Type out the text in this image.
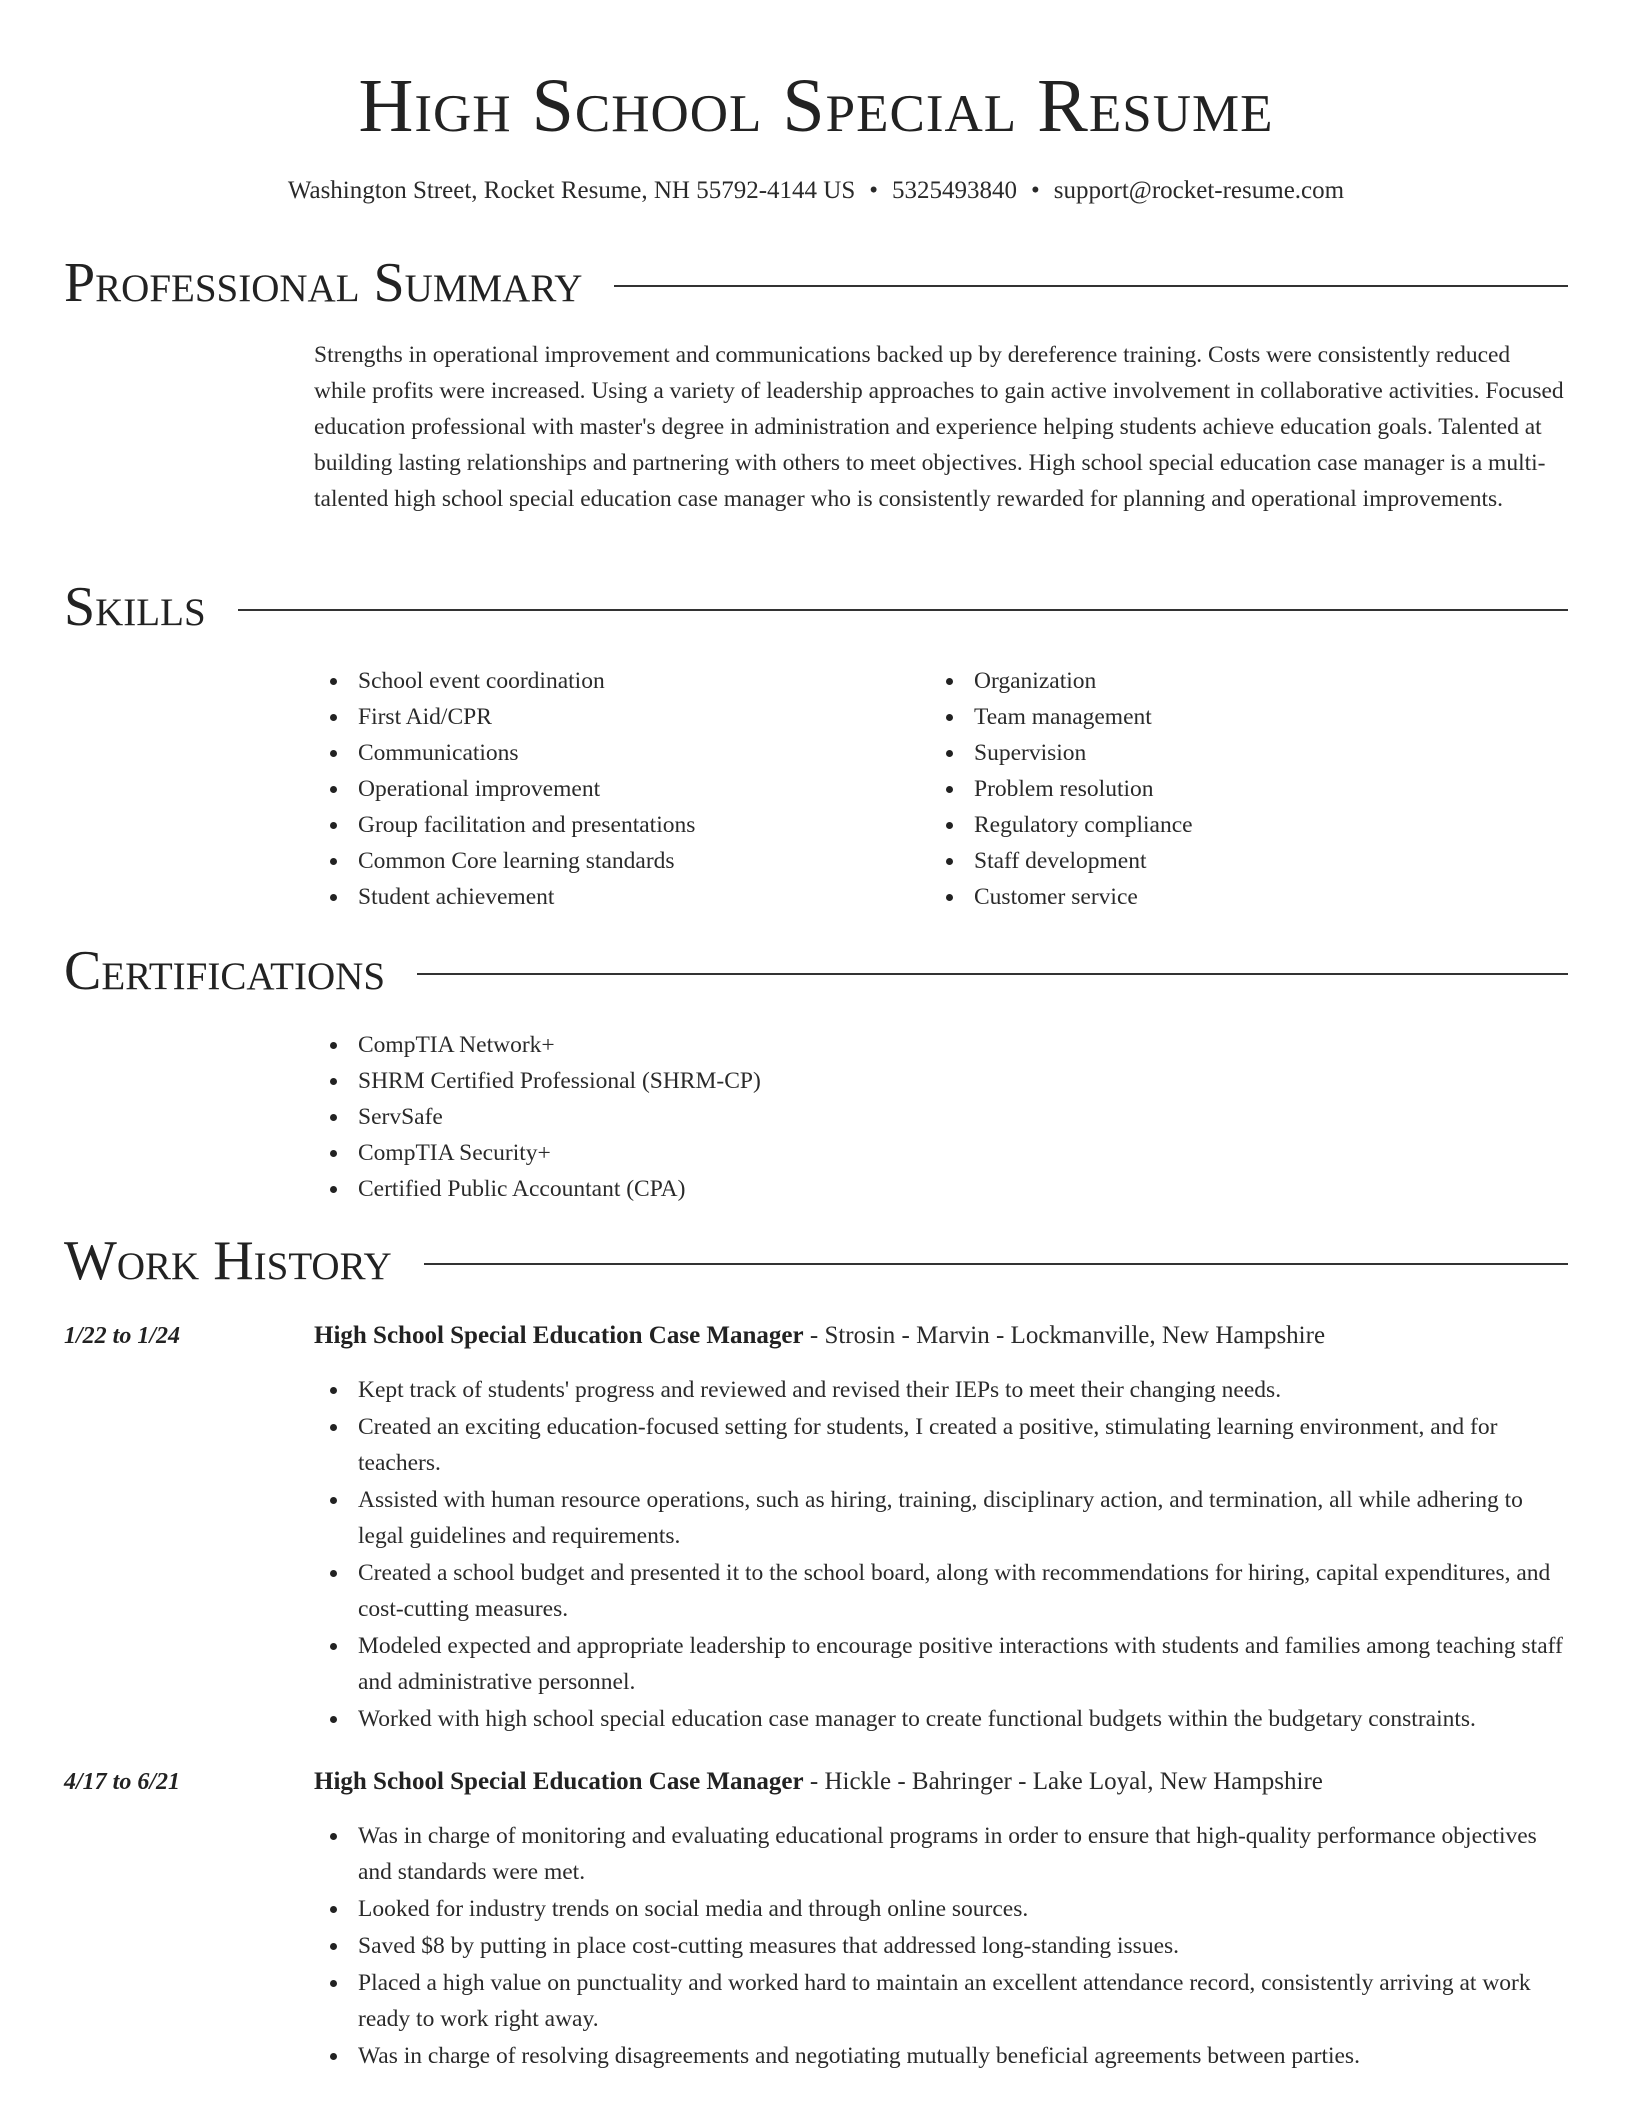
High School Special Resume
Washington Street, Rocket Resume, NH 55792-4144 US • 5325493840 • support@rocket-resume.com
Professional Summary
Strengths in operational improvement and communications backed up by dereference training. Costs were consistently reduced while profits were increased. Using a variety of leadership approaches to gain active involvement in collaborative activities. Focused education professional with master's degree in administration and experience helping students achieve education goals. Talented at building lasting relationships and partnering with others to meet objectives. High school special education case manager is a multi-talented high school special education case manager who is consistently rewarded for planning and operational improvements.
Skills
School event coordination
First Aid/CPR
Communications
Operational improvement
Group facilitation and presentations
Common Core learning standards
Student achievement
Organization
Team management
Supervision
Problem resolution
Regulatory compliance
Staff development
Customer service
Certifications
CompTIA Network+
SHRM Certified Professional (SHRM-CP)
ServSafe
CompTIA Security+
Certified Public Accountant (CPA)
Work History
1/22 to 1/24	High School Special Education Case Manager - Strosin - Marvin - Lockmanville, New Hampshire
Kept track of students' progress and reviewed and revised their IEPs to meet their changing needs.
Created an exciting education-focused setting for students, I created a positive, stimulating learning environment, and for teachers.
Assisted with human resource operations, such as hiring, training, disciplinary action, and termination, all while adhering to legal guidelines and requirements.
Created a school budget and presented it to the school board, along with recommendations for hiring, capital expenditures, and cost-cutting measures.
Modeled expected and appropriate leadership to encourage positive interactions with students and families among teaching staff and administrative personnel.
Worked with high school special education case manager to create functional budgets within the budgetary constraints.
4/17 to 6/21	High School Special Education Case Manager - Hickle - Bahringer - Lake Loyal, New Hampshire
Was in charge of monitoring and evaluating educational programs in order to ensure that high-quality performance objectives and standards were met.
Looked for industry trends on social media and through online sources.
Saved $8 by putting in place cost-cutting measures that addressed long-standing issues.
Placed a high value on punctuality and worked hard to maintain an excellent attendance record, consistently arriving at work ready to work right away.
Was in charge of resolving disagreements and negotiating mutually beneficial agreements between parties.
